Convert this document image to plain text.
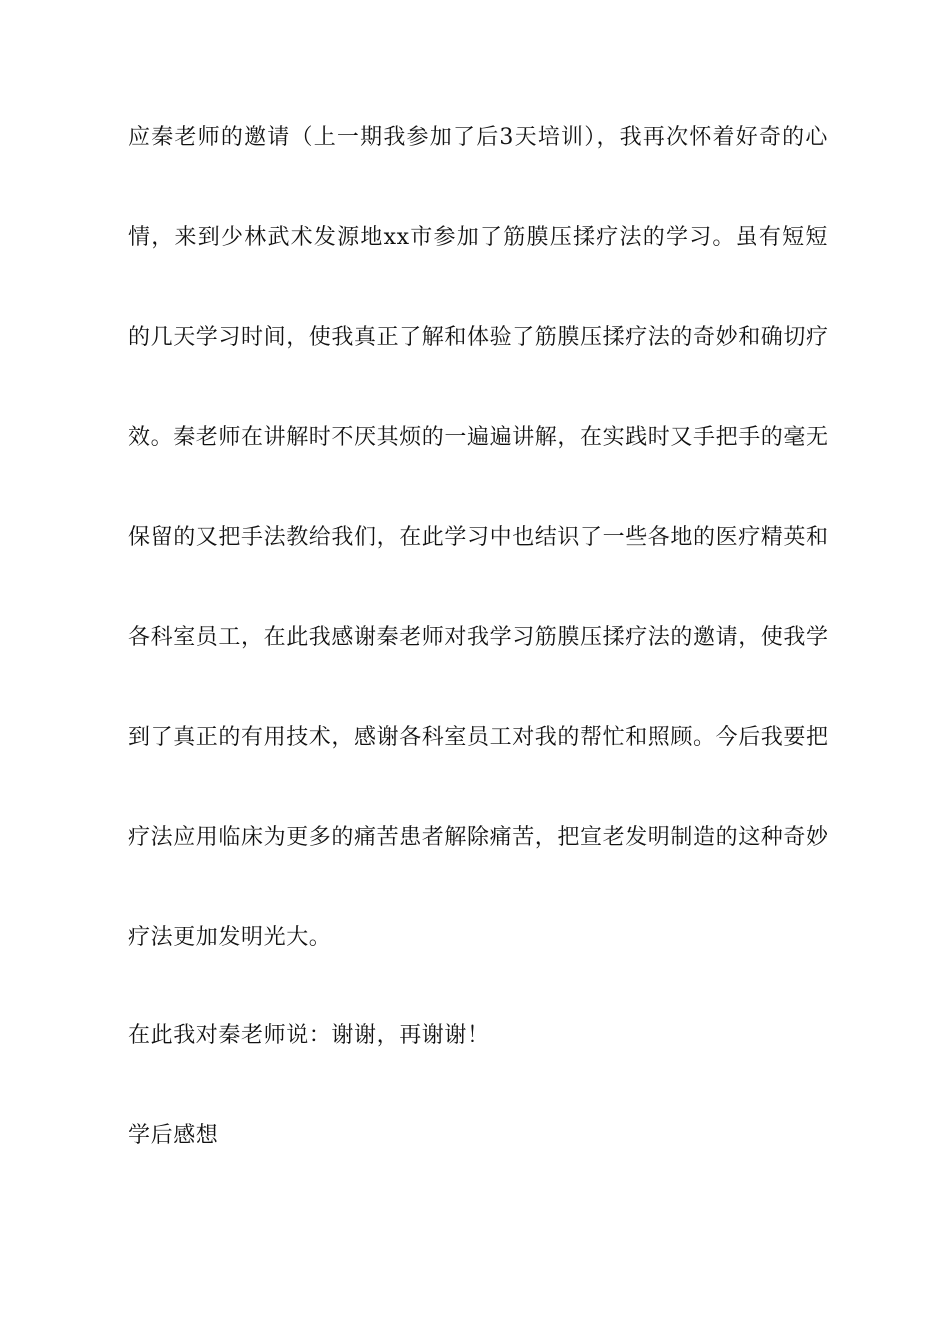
应秦老师的邀请（上一期我参加了后3天培训），我再次怀着好奇的心
情，来到少林武术发源地xx市参加了筋膜压揉疗法的学习。虽有短短
的几天学习时间，使我真正了解和体验了筋膜压揉疗法的奇妙和确切疗
效。秦老师在讲解时不厌其烦的一遍遍讲解，在实践时又手把手的毫无
保留的又把手法教给我们，在此学习中也结识了一些各地的医疗精英和
各科室员工，在此我感谢秦老师对我学习筋膜压揉疗法的邀请，使我学
到了真正的有用技术，感谢各科室员工对我的帮忙和照顾。今后我要把
疗法应用临床为更多的痛苦患者解除痛苦，把宣老发明制造的这种奇妙
疗法更加发明光大。
在此我对秦老师说：谢谢，再谢谢！
学后感想
